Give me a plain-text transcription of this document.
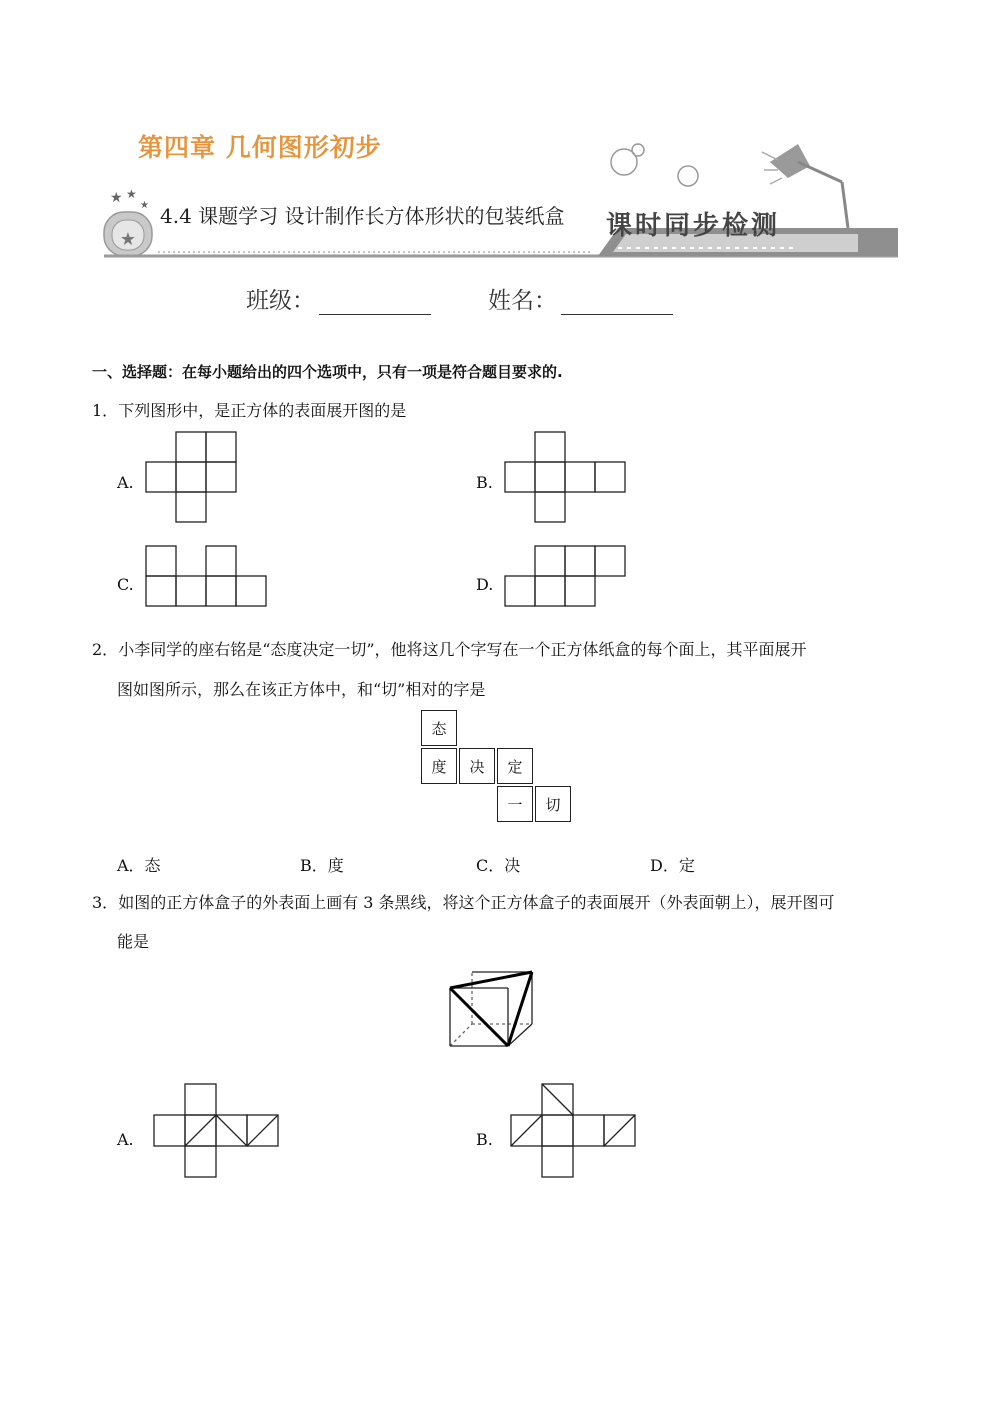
第四章 几何图形初步
★
★ ★
★ 4.4 课题学习 设计制作长方体形状的包装纸盒 课时同步检测
班级：	姓名：
一、选择题：在每小题给出的四个选项中，只有一项是符合题目要求的.
1．下列图形中，是正方体的表面展开图的是
A.	B.
C.	D.
2．小李同学的座右铭是“态度决定一切”，他将这几个字写在一个正方体纸盒的每个面上，其平面展开
图如图所示，那么在该正方体中，和“切”相对的字是
态
度	决	定
一	切
A．态	B．度	C．决	D．定
3．如图的正方体盒子的外表面上画有 3 条黑线，将这个正方体盒子的表面展开（外表面朝上），展开图可
能是
A.	B.
